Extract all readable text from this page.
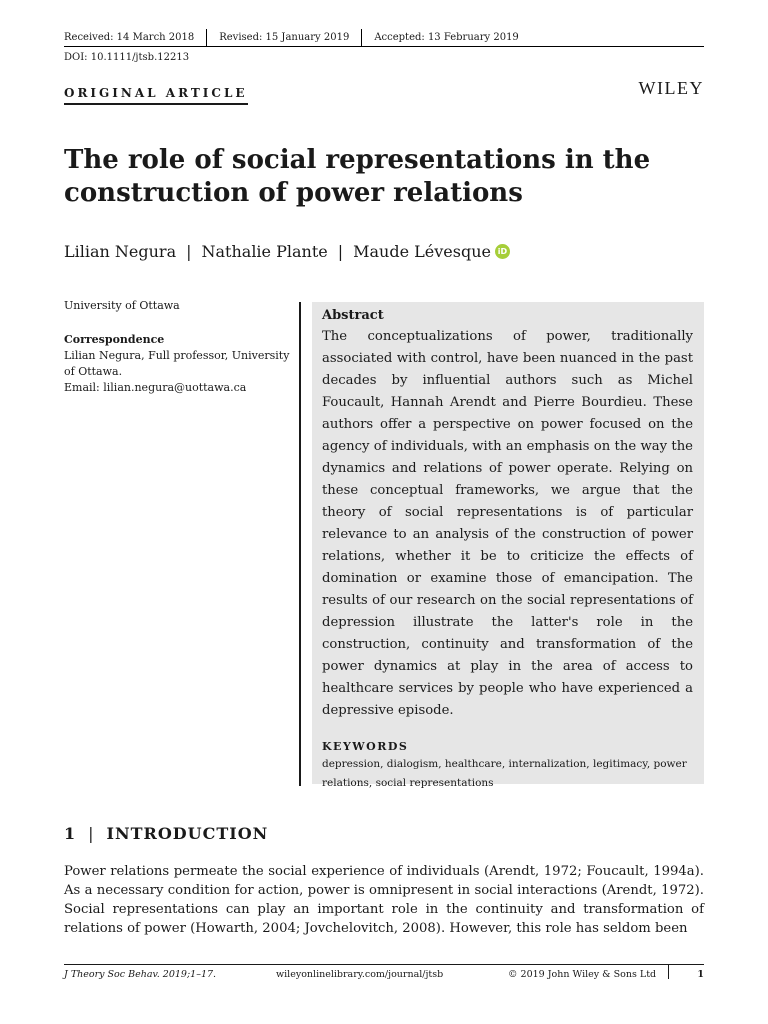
Received: 14 March 2018	Revised: 15 January 2019	Accepted: 13 February 2019
DOI: 10.1111/jtsb.12213
ORIGINAL ARTICLE	WILEY
The role of social representations in the construction of power relations
Lilian Negura | Nathalie Plante | Maude Lévesque iD
University of Ottawa
Correspondence
Lilian Negura, Full professor, University of Ottawa.
Email: lilian.negura@uottawa.ca
Abstract

The conceptualizations of power, traditionally associated with control, have been nuanced in the past decades by influential authors such as Michel Foucault, Hannah Arendt and Pierre Bourdieu. These authors offer a perspective on power focused on the agency of individuals, with an emphasis on the way the dynamics and relations of power operate. Relying on these conceptual frameworks, we argue that the theory of social representations is of particular relevance to an analysis of the construction of power relations, whether it be to criticize the effects of domination or examine those of emancipation. The results of our research on the social representations of depression illustrate the latter's role in the construction, continuity and transformation of the power dynamics at play in the area of access to healthcare services by people who have experienced a depressive episode.

KEYWORDS
depression, dialogism, healthcare, internalization, legitimacy, power relations, social representations
1 | INTRODUCTION

Power relations permeate the social experience of individuals (Arendt, 1972; Foucault, 1994a). As a necessary condition for action, power is omnipresent in social interactions (Arendt, 1972). Social representations can play an important role in the continuity and transformation of relations of power (Howarth, 2004; Jovchelovitch, 2008). However, this role has seldom been

J Theory Soc Behav. 2019;1–17.	wileyonlinelibrary.com/journal/jtsb	© 2019 John Wiley & Sons Ltd	1
